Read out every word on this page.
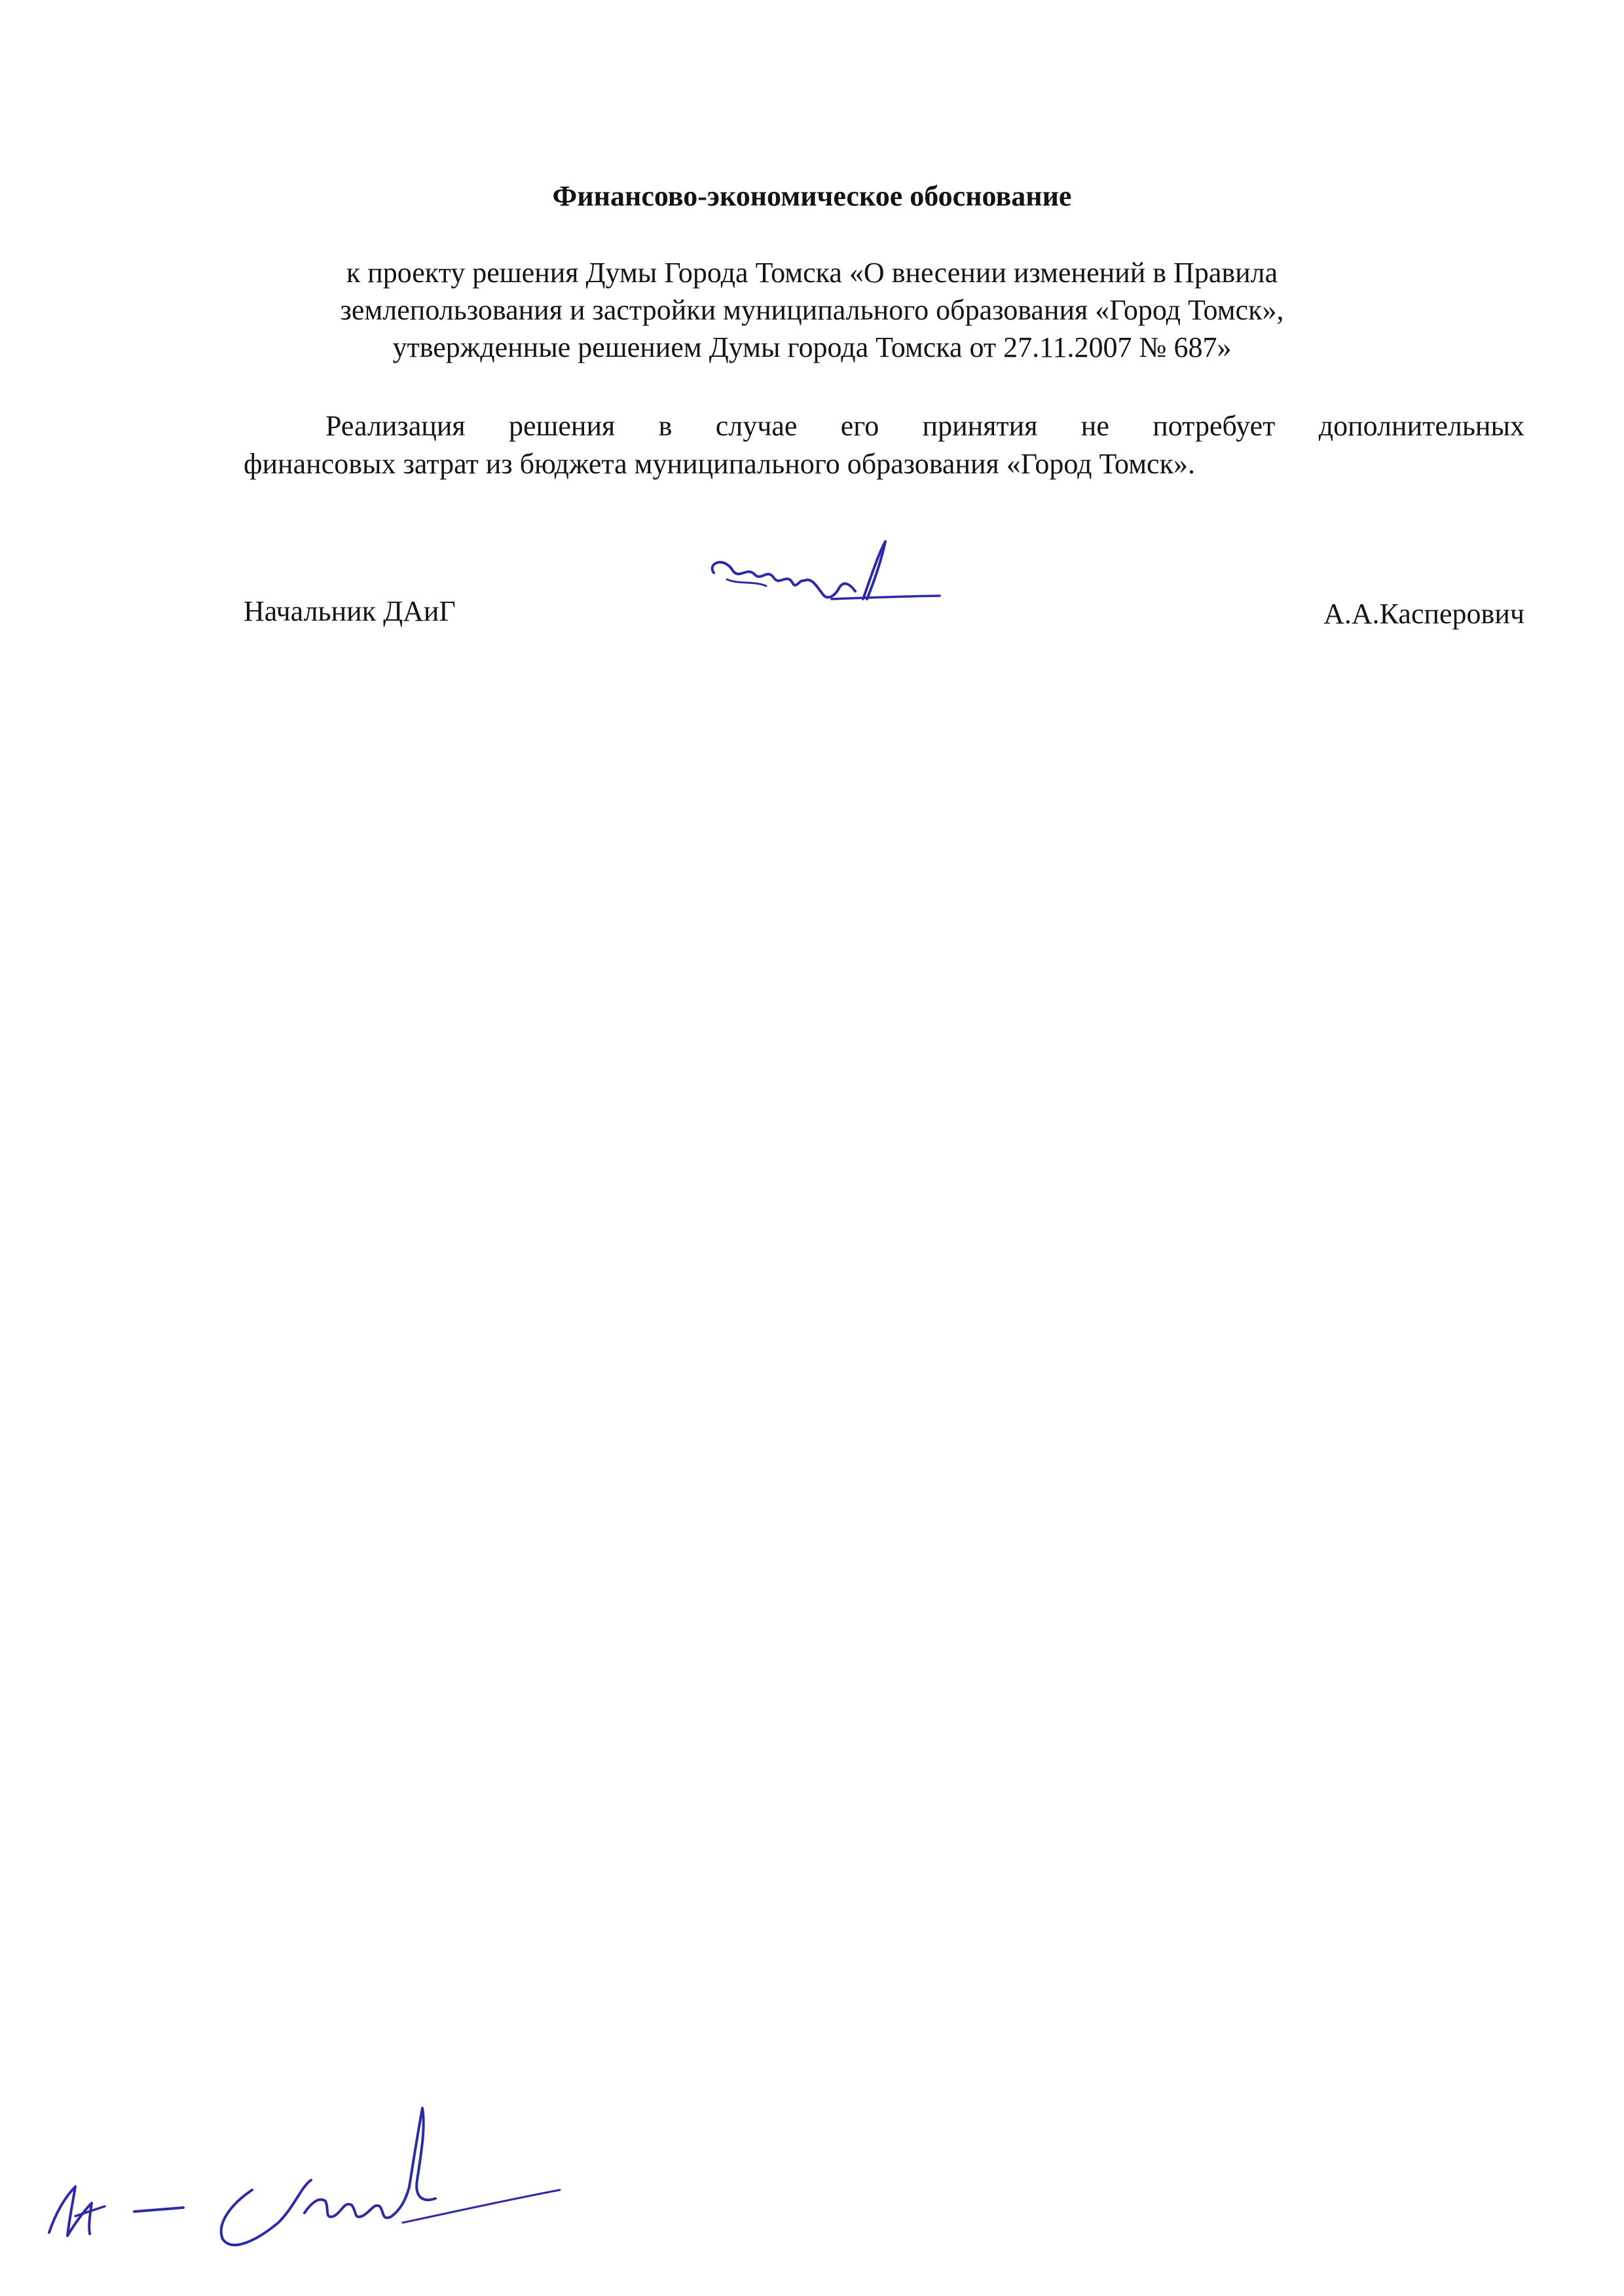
Финансово-экономическое обоснование
к проекту решения Думы Города Томска «О внесении изменений в Правила
землепользования и застройки муниципального образования «Город Томск»,
утвержденные решением Думы города Томска от 27.11.2007 № 687»
Реализация решения в случае его принятия не потребует дополнительных
финансовых затрат из бюджета муниципального образования «Город Томск».
Начальник ДАиГ	А.А.Касперович
